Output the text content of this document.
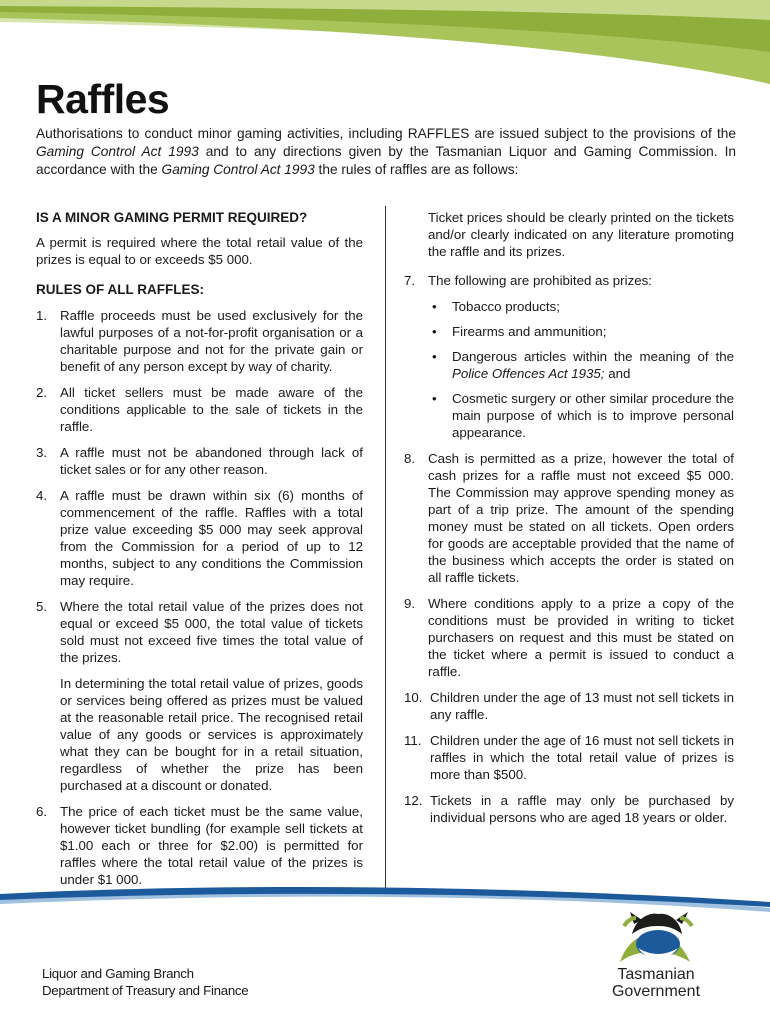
Raffles

Authorisations to conduct minor gaming activities, including RAFFLES are issued subject to the provisions of the Gaming Control Act 1993 and to any directions given by the Tasmanian Liquor and Gaming Commission. In accordance with the Gaming Control Act 1993 the rules of raffles are as follows:

IS A MINOR GAMING PERMIT REQUIRED?

A permit is required where the total retail value of the prizes is equal to or exceeds $5 000.

RULES OF ALL RAFFLES:

1. Raffle proceeds must be used exclusively for the lawful purposes of a not-for-profit organisation or a charitable purpose and not for the private gain or benefit of any person except by way of charity.
2. All ticket sellers must be made aware of the conditions applicable to the sale of tickets in the raffle.
3. A raffle must not be abandoned through lack of ticket sales or for any other reason.
4. A raffle must be drawn within six (6) months of commencement of the raffle. Raffles with a total prize value exceeding $5 000 may seek approval from the Commission for a period of up to 12 months, subject to any conditions the Commission may require.
5. Where the total retail value of the prizes does not equal or exceed $5 000, the total value of tickets sold must not exceed five times the total value of the prizes.
In determining the total retail value of prizes, goods or services being offered as prizes must be valued at the reasonable retail price. The recognised retail value of any goods or services is approximately what they can be bought for in a retail situation, regardless of whether the prize has been purchased at a discount or donated.
6. The price of each ticket must be the same value, however ticket bundling (for example sell tickets at $1.00 each or three for $2.00) is permitted for raffles where the total retail value of the prizes is under $1 000.
Ticket prices should be clearly printed on the tickets and/or clearly indicated on any literature promoting the raffle and its prizes.
7. The following are prohibited as prizes:
• Tobacco products;
• Firearms and ammunition;
• Dangerous articles within the meaning of the Police Offences Act 1935; and
• Cosmetic surgery or other similar procedure the main purpose of which is to improve personal appearance.
8. Cash is permitted as a prize, however the total of cash prizes for a raffle must not exceed $5 000. The Commission may approve spending money as part of a trip prize. The amount of the spending money must be stated on all tickets. Open orders for goods are acceptable provided that the name of the business which accepts the order is stated on all raffle tickets.
9. Where conditions apply to a prize a copy of the conditions must be provided in writing to ticket purchasers on request and this must be stated on the ticket where a permit is issued to conduct a raffle.
10. Children under the age of 13 must not sell tickets in any raffle.
11. Children under the age of 16 must not sell tickets in raffles in which the total retail value of prizes is more than $500.
12. Tickets in a raffle may only be purchased by individual persons who are aged 18 years or older.
Liquor and Gaming Branch
Department of Treasury and Finance
Tasmanian
Government
